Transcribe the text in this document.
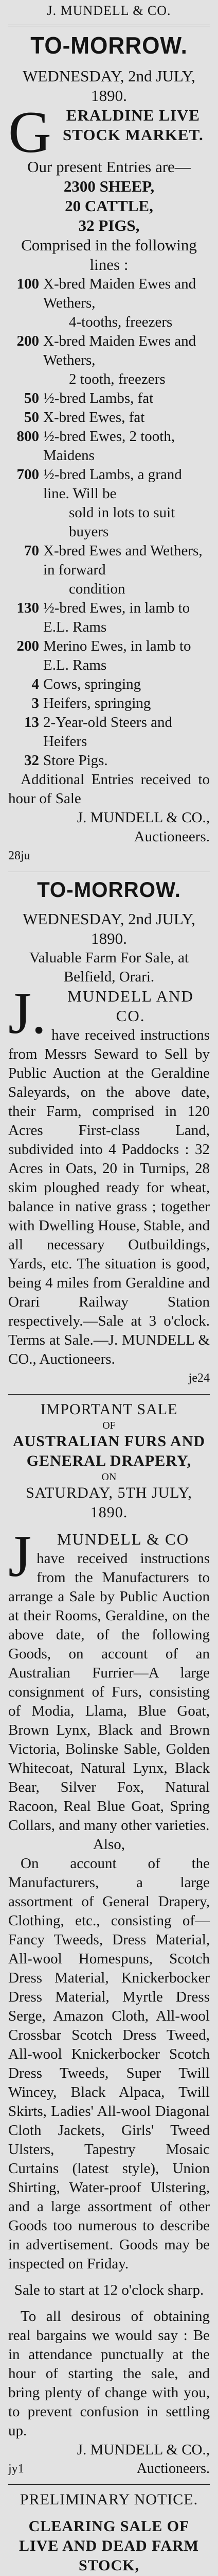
J. MUNDELL & CO.
TO-MORROW.
WEDNESDAY, 2nd JULY, 1890.
G ERALDINE LIVE STOCK MARKET.
Our present Entries are—
2300 SHEEP,
20 CATTLE,
32 PIGS,
Comprised in the following lines :
100 X-bred Maiden Ewes and Wethers,
4-tooths, freezers
200 X-bred Maiden Ewes and Wethers,
2 tooth, freezers
50 ½-bred Lambs, fat
50 X-bred Ewes, fat
800 ½-bred Ewes, 2 tooth, Maidens
700 ½-bred Lambs, a grand line. Will be
sold in lots to suit buyers
70 X-bred Ewes and Wethers, in forward
condition
130 ½-bred Ewes, in lamb to E.L. Rams
200 Merino Ewes, in lamb to E.L. Rams
4 Cows, springing
3 Heifers, springing
13 2-Year-old Steers and Heifers
32 Store Pigs.

Additional Entries received to hour of Sale

J. MUNDELL & CO., Auctioneers.
28ju
TO-MORROW.
WEDNESDAY, 2nd JULY, 1890.
Valuable Farm For Sale, at Belfield, Orari.
J.	MUNDELL AND CO.

have received instructions from Messrs Seward to Sell by Public Auction at the Geraldine Saleyards, on the above date, their Farm, comprised in 120 Acres First-class Land, subdivided into 4 Paddocks : 32 Acres in Oats, 20 in Turnips, 28 skim ploughed ready for wheat, balance in native grass ; together with Dwelling House, Stable, and all necessary Outbuildings, Yards, etc. The situation is good, being 4 miles from Geraldine and Orari Railway Station respectively.—Sale at 3 o'clock. Terms at Sale.—J. MUNDELL & CO., Auctioneers.

je24
IMPORTANT SALE
OF
AUSTRALIAN FURS AND GENERAL DRAPERY,
ON
SATURDAY, 5TH JULY, 1890.
J	MUNDELL & CO

have received instructions from the Manufacturers to arrange a Sale by Public Auction at their Rooms, Geraldine, on the above date, of the following Goods, on account of an Australian Furrier—A large consignment of Furs, consisting of Modia, Llama, Blue Goat, Brown Lynx, Black and Brown Victoria, Bolinske Sable, Golden Whitecoat, Natural Lynx, Black Bear, Silver Fox, Natural Racoon, Real Blue Goat, Spring Collars, and many other varieties.

Also,

On account of the Manufacturers, a large assortment of General Drapery, Clothing, etc., consisting of—Fancy Tweeds, Dress Material, All-wool Homespuns, Scotch Dress Material, Knickerbocker Dress Material, Myrtle Dress Serge, Amazon Cloth, All-wool Crossbar Scotch Dress Tweed, All-wool Knickerbocker Scotch Dress Tweeds, Super Twill Wincey, Black Alpaca, Twill Skirts, Ladies' All-wool Diagonal Cloth Jackets, Girls' Tweed Ulsters, Tapestry Mosaic Curtains (latest style), Union Shirting, Water-proof Ulstering, and a large assortment of other Goods too numerous to describe in advertisement. Goods may be inspected on Friday.

Sale to start at 12 o'clock sharp.

To all desirous of obtaining real bargains we would say : Be in attendance punctually at the hour of starting the sale, and bring plenty of change with you, to prevent confusion in settling up.

J. MUNDELL & CO.,
jy1	Auctioneers.
PRELIMINARY NOTICE.
CLEARING SALE OF LIVE AND DEAD FARM STOCK,
